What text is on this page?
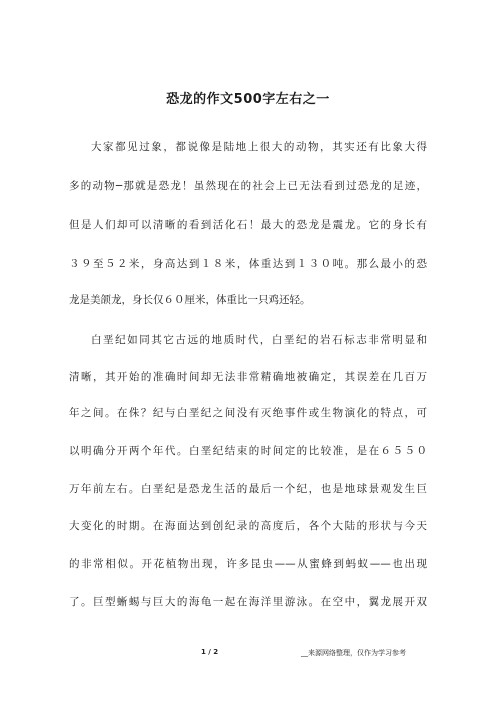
恐龙的作文500字左右之一
大家都见过象，都说像是陆地上很大的动物，其实还有比象大得
多的动物─那就是恐龙！虽然现在的社会上已无法看到过恐龙的足迹，
但是人们却可以清晰的看到活化石！最大的恐龙是震龙。它的身长有
３９至５２米，身高达到１８米，体重达到１３０吨。那么最小的恐
龙是美颌龙，身长仅６０厘米，体重比一只鸡还轻。
白垩纪如同其它古远的地质时代，白垩纪的岩石标志非常明显和
清晰，其开始的准确时间却无法非常精确地被确定，其误差在几百万
年之间。在侏？纪与白垩纪之间没有灭绝事件或生物演化的特点，可
以明确分开两个年代。白垩纪结束的时间定的比较准，是在６５５０
万年前左右。白垩纪是恐龙生活的最后一个纪，也是地球景观发生巨
大变化的时期。在海面达到创纪录的高度后，各个大陆的形状与今天
的非常相似。开花植物出现，许多昆虫——从蜜蜂到蚂蚁——也出现
了。巨型蜥蜴与巨大的海龟一起在海洋里游泳。在空中，翼龙展开双
1 / 2	__来源网络整理，仅作为学习参考
